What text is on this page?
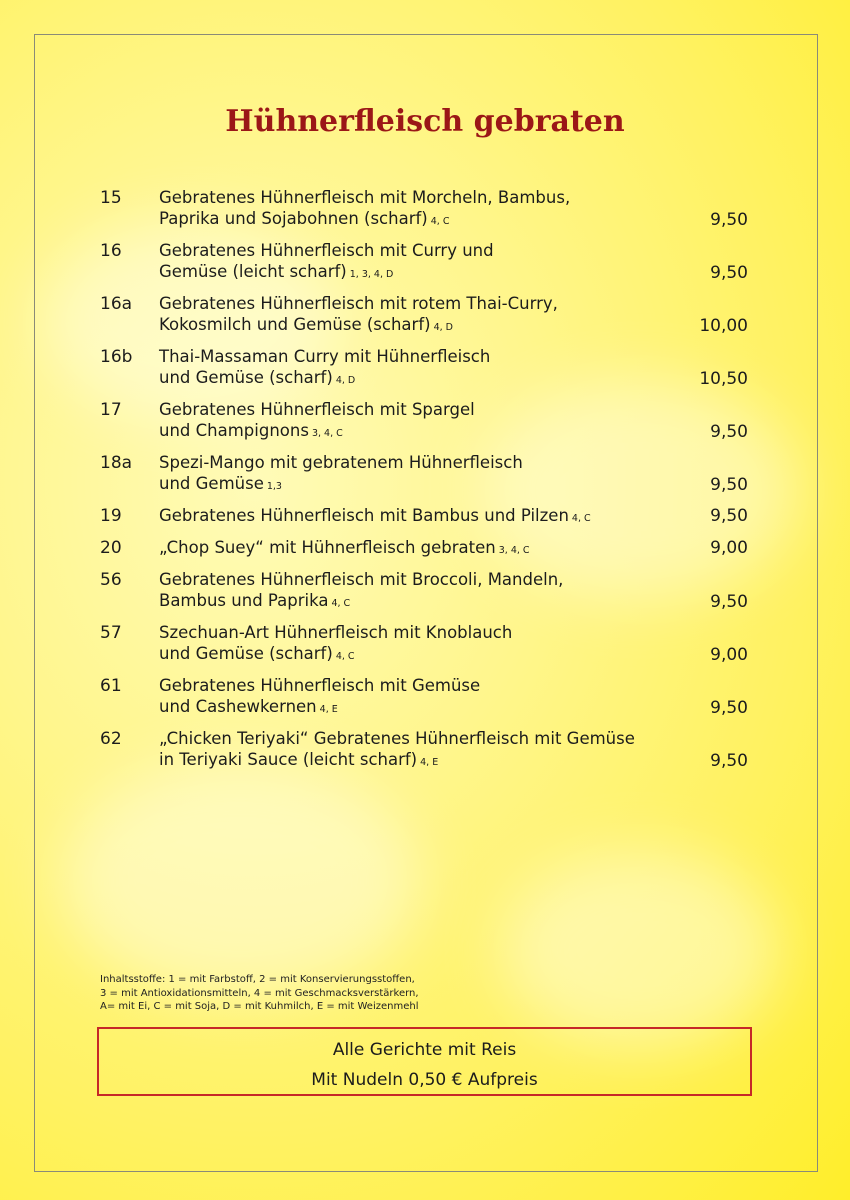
Hühnerfleisch gebraten
15 Gebratenes Hühnerfleisch mit Morcheln, Bambus,
Paprika und Sojabohnen (scharf) 4, C	9,50
16 Gebratenes Hühnerfleisch mit Curry und
Gemüse (leicht scharf) 1, 3, 4, D	9,50
16a Gebratenes Hühnerfleisch mit rotem Thai-Curry,
Kokosmilch und Gemüse (scharf) 4, D	10,00
16b Thai-Massaman Curry mit Hühnerfleisch
und Gemüse (scharf) 4, D	10,50
17 Gebratenes Hühnerfleisch mit Spargel
und Champignons 3, 4, C	9,50
18a Spezi-Mango mit gebratenem Hühnerfleisch
und Gemüse 1,3	9,50
19 Gebratenes Hühnerfleisch mit Bambus und Pilzen 4, C	9,50
20 „Chop Suey“ mit Hühnerfleisch gebraten 3, 4, C	9,00
56 Gebratenes Hühnerfleisch mit Broccoli, Mandeln,
Bambus und Paprika 4, C	9,50
57 Szechuan-Art Hühnerfleisch mit Knoblauch
und Gemüse (scharf) 4, C	9,00
61 Gebratenes Hühnerfleisch mit Gemüse
und Cashewkernen 4, E	9,50
62 „Chicken Teriyaki“ Gebratenes Hühnerfleisch mit Gemüse
in Teriyaki Sauce (leicht scharf) 4, E	9,50
Inhaltsstoffe: 1 = mit Farbstoff, 2 = mit Konservierungsstoffen,
3 = mit Antioxidationsmitteln, 4 = mit Geschmacksverstärkern,
A= mit Ei, C = mit Soja, D = mit Kuhmilch, E = mit Weizenmehl
Alle Gerichte mit Reis
Mit Nudeln 0,50 € Aufpreis
